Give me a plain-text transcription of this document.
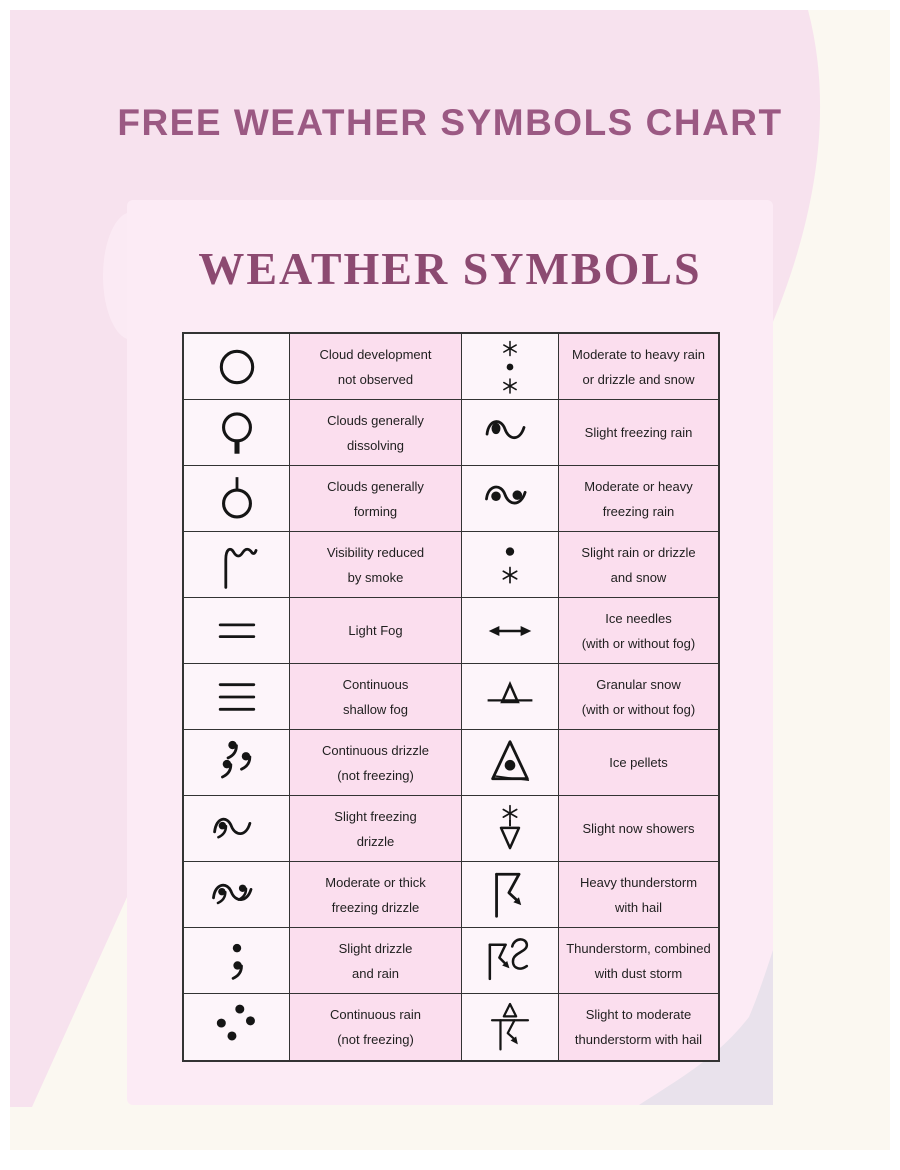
FREE WEATHER SYMBOLS CHART
WEATHER SYMBOLS
Cloud development
not observed
Moderate to heavy rain
or drizzle and snow
Clouds generally
dissolving
Slight freezing rain
Clouds generally
forming
Moderate or heavy
freezing rain
Visibility reduced
by smoke
Slight rain or drizzle
and snow
Light Fog
Ice needles
(with or without fog)
Continuous
shallow fog
Granular snow
(with or without fog)
Continuous drizzle
(not freezing)
Ice pellets
Slight freezing
drizzle
Slight now showers
Moderate or thick
freezing drizzle
Heavy thunderstorm
with hail
Slight drizzle
and rain
Thunderstorm, combined
with dust storm
Continuous rain
(not freezing)
Slight to moderate
thunderstorm with hail
